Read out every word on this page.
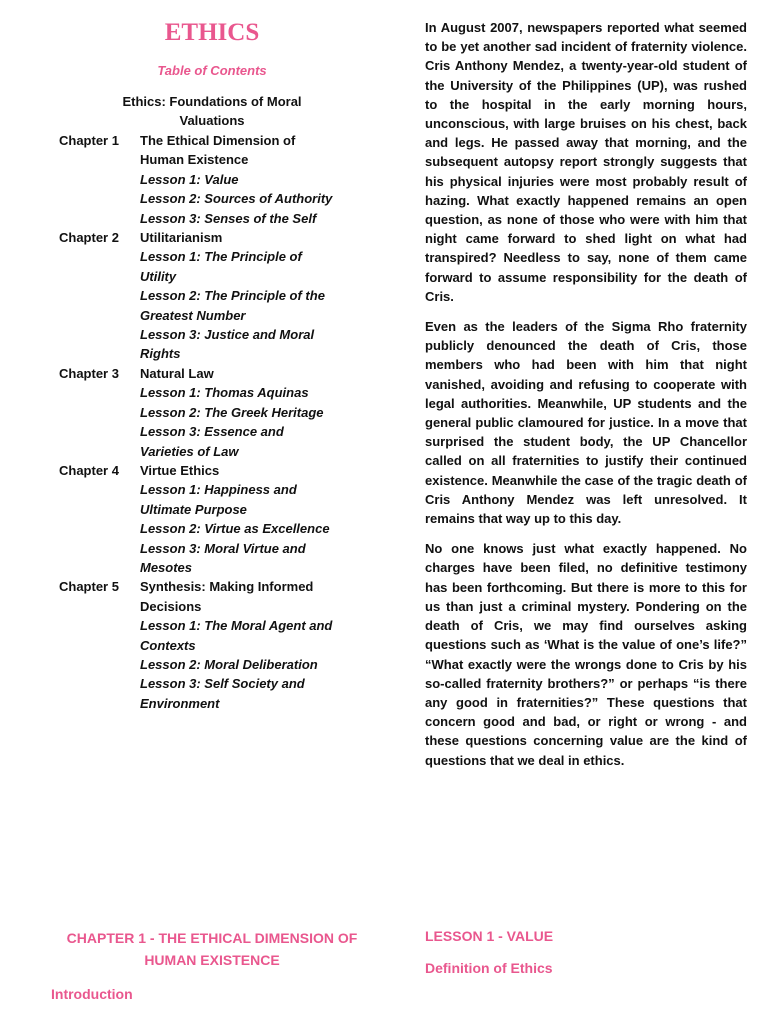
ETHICS
Table of Contents
Ethics: Foundations of Moral Valuations
Chapter 1	The Ethical Dimension of Human Existence
Lesson 1: Value
Lesson 2: Sources of Authority
Lesson 3: Senses of the Self
Chapter 2	Utilitarianism
Lesson 1: The Principle of Utility
Lesson 2: The Principle of the Greatest Number
Lesson 3: Justice and Moral Rights
Chapter 3	Natural Law
Lesson 1: Thomas Aquinas
Lesson 2: The Greek Heritage
Lesson 3: Essence and Varieties of Law
Chapter 4	Virtue Ethics
Lesson 1: Happiness and Ultimate Purpose
Lesson 2: Virtue as Excellence
Lesson 3: Moral Virtue and Mesotes
Chapter 5	Synthesis: Making Informed Decisions
Lesson 1: The Moral Agent and Contexts
Lesson 2: Moral Deliberation
Lesson 3: Self Society and Environment

In August 2007, newspapers reported what seemed to be yet another sad incident of fraternity violence. Cris Anthony Mendez, a twenty-year-old student of the University of the Philippines (UP), was rushed to the hospital in the early morning hours, unconscious, with large bruises on his chest, back and legs. He passed away that morning, and the subsequent autopsy report strongly suggests that his physical injuries were most probably result of hazing. What exactly happened remains an open question, as none of those who were with him that night came forward to shed light on what had transpired? Needless to say, none of them came forward to assume responsibility for the death of Cris.

Even as the leaders of the Sigma Rho fraternity publicly denounced the death of Cris, those members who had been with him that night vanished, avoiding and refusing to cooperate with legal authorities. Meanwhile, UP students and the general public clamoured for justice. In a move that surprised the student body, the UP Chancellor called on all fraternities to justify their continued existence. Meanwhile the case of the tragic death of Cris Anthony Mendez was left unresolved. It remains that way up to this day.

No one knows just what exactly happened. No charges have been filed, no definitive testimony has been forthcoming. But there is more to this for us than just a criminal mystery. Pondering on the death of Cris, we may find ourselves asking questions such as ‘What is the value of one’s life?” “What exactly were the wrongs done to Cris by his so-called fraternity brothers?” or perhaps “is there any good in fraternities?” These questions that concern good and bad, or right or wrong - and these questions concerning value are the kind of questions that we deal in ethics.

CHAPTER 1 - THE ETHICAL DIMENSION OF HUMAN EXISTENCE
Introduction
LESSON 1 - VALUE
Definition of Ethics
